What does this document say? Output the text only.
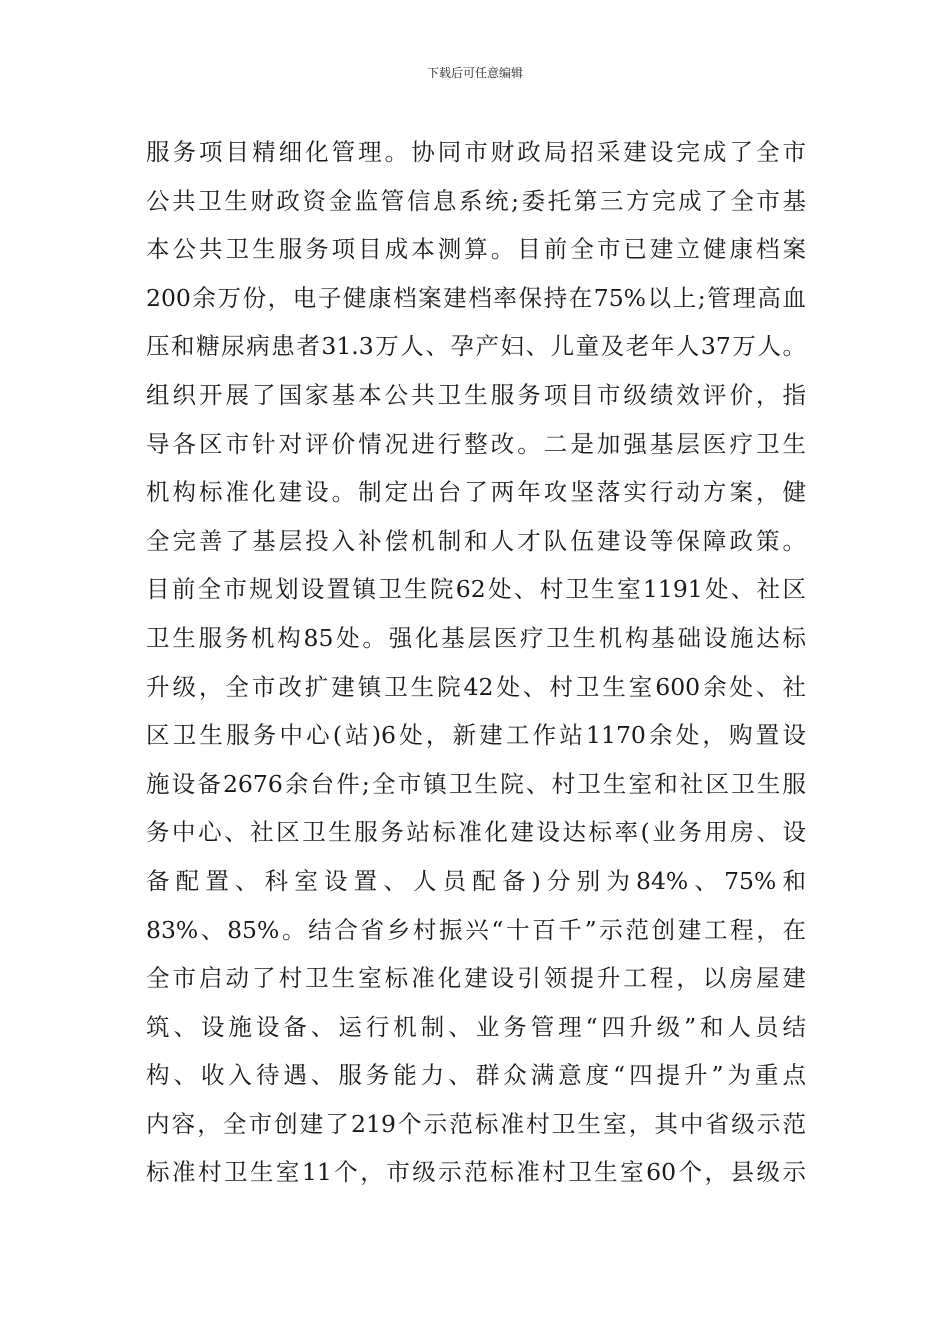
下载后可任意编辑
服务项目精细化管理。协同市财政局招采建设完成了全市
公共卫生财政资金监管信息系统;委托第三方完成了全市基
本公共卫生服务项目成本测算。目前全市已建立健康档案
200余万份，电子健康档案建档率保持在75%以上;管理高血
压和糖尿病患者31.3万人、孕产妇、儿童及老年人37万人。
组织开展了国家基本公共卫生服务项目市级绩效评价，指
导各区市针对评价情况进行整改。二是加强基层医疗卫生
机构标准化建设。制定出台了两年攻坚落实行动方案，健
全完善了基层投入补偿机制和人才队伍建设等保障政策。
目前全市规划设置镇卫生院62处、村卫生室1191处、社区
卫生服务机构85处。强化基层医疗卫生机构基础设施达标
升级，全市改扩建镇卫生院42处、村卫生室600余处、社
区卫生服务中心(站)6处，新建工作站1170余处，购置设
施设备2676余台件;全市镇卫生院、村卫生室和社区卫生服
务中心、社区卫生服务站标准化建设达标率(业务用房、设
备配置、科室设置、人员配备)分别为84%、75%和
83%、85%。结合省乡村振兴“十百千”示范创建工程，在
全市启动了村卫生室标准化建设引领提升工程，以房屋建
筑、设施设备、运行机制、业务管理“四升级”和人员结
构、收入待遇、服务能力、群众满意度“四提升”为重点
内容，全市创建了219个示范标准村卫生室，其中省级示范
标准村卫生室11个，市级示范标准村卫生室60个，县级示
